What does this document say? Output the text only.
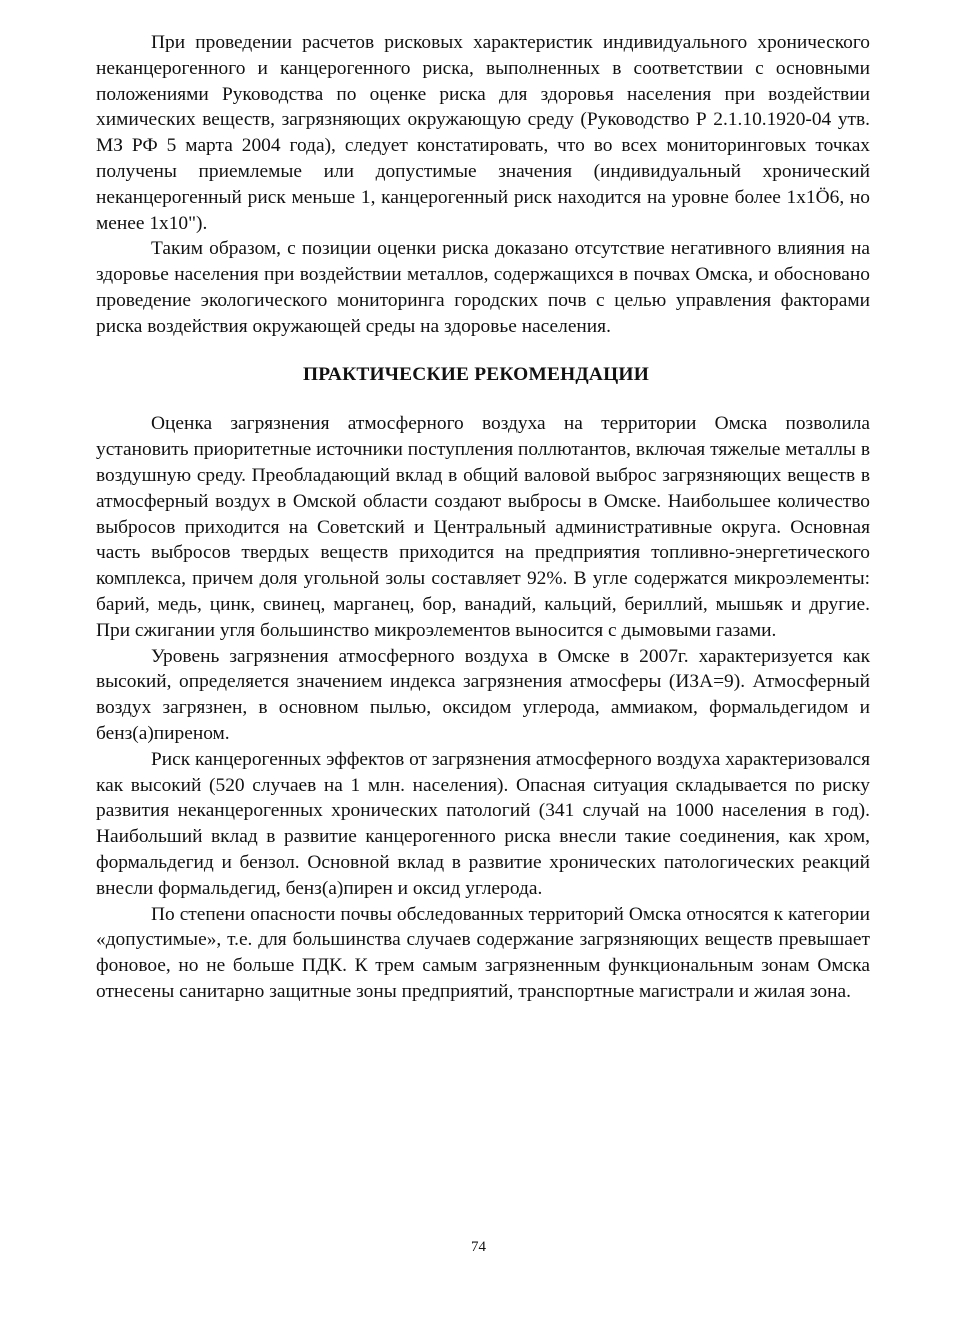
При проведении расчетов рисковых характеристик индивидуального хронического неканцерогенного и канцерогенного риска, выполненных в соответствии с основными положениями Руководства по оценке риска для здоровья населения при воздействии химических веществ, загрязняющих окружающую среду (Руководство Р 2.1.10.1920-04 утв. МЗ РФ 5 марта 2004 года), следует констатировать, что во всех мониторинговых точках получены приемлемые или допустимые значения (индивидуальный хронический неканцерогенный риск меньше 1, канцерогенный риск находится на уровне более 1x1Ӧ6, но менее 1x10").

Таким образом, с позиции оценки риска доказано отсутствие негативного влияния на здоровье населения при воздействии металлов, содержащихся в почвах Омска, и обосновано проведение экологического мониторинга городских почв с целью управления факторами риска воздействия окружающей среды на здоровье населения.

ПРАКТИЧЕСКИЕ РЕКОМЕНДАЦИИ

Оценка загрязнения атмосферного воздуха на территории Омска позволила установить приоритетные источники поступления поллютантов, включая тяжелые металлы в воздушную среду. Преобладающий вклад в общий валовой выброс загрязняющих веществ в атмосферный воздух в Омской области создают выбросы в Омске. Наибольшее количество выбросов приходится на Советский и Центральный административные округа. Основная часть выбросов твердых веществ приходится на предприятия топливно-энергетического комплекса, причем доля угольной золы составляет 92%. В угле содержатся микроэлементы: барий, медь, цинк, свинец, марганец, бор, ванадий, кальций, бериллий, мышьяк и другие. При сжигании угля большинство микроэлементов выносится с дымовыми газами.

Уровень загрязнения атмосферного воздуха в Омске в 2007г. характеризуется как высокий, определяется значением индекса загрязнения атмосферы (ИЗА=9). Атмосферный воздух загрязнен, в основном пылью, оксидом углерода, аммиаком, формальдегидом и бенз(а)пиреном.

Риск канцерогенных эффектов от загрязнения атмосферного воздуха характеризовался как высокий (520 случаев на 1 млн. населения). Опасная ситуация складывается по риску развития неканцерогенных хронических патологий (341 случай на 1000 населения в год). Наибольший вклад в развитие канцерогенного риска внесли такие соединения, как хром, формальдегид и бензол. Основной вклад в развитие хронических патологических реакций внесли формальдегид, бенз(а)пирен и оксид углерода.

По степени опасности почвы обследованных территорий Омска относятся к категории «допустимые», т.е. для большинства случаев содержание загрязняющих веществ превышает фоновое, но не больше ПДК. К трем самым загрязненным функциональным зонам Омска отнесены санитарно защитные зоны предприятий, транспортные магистрали и жилая зона.

74
